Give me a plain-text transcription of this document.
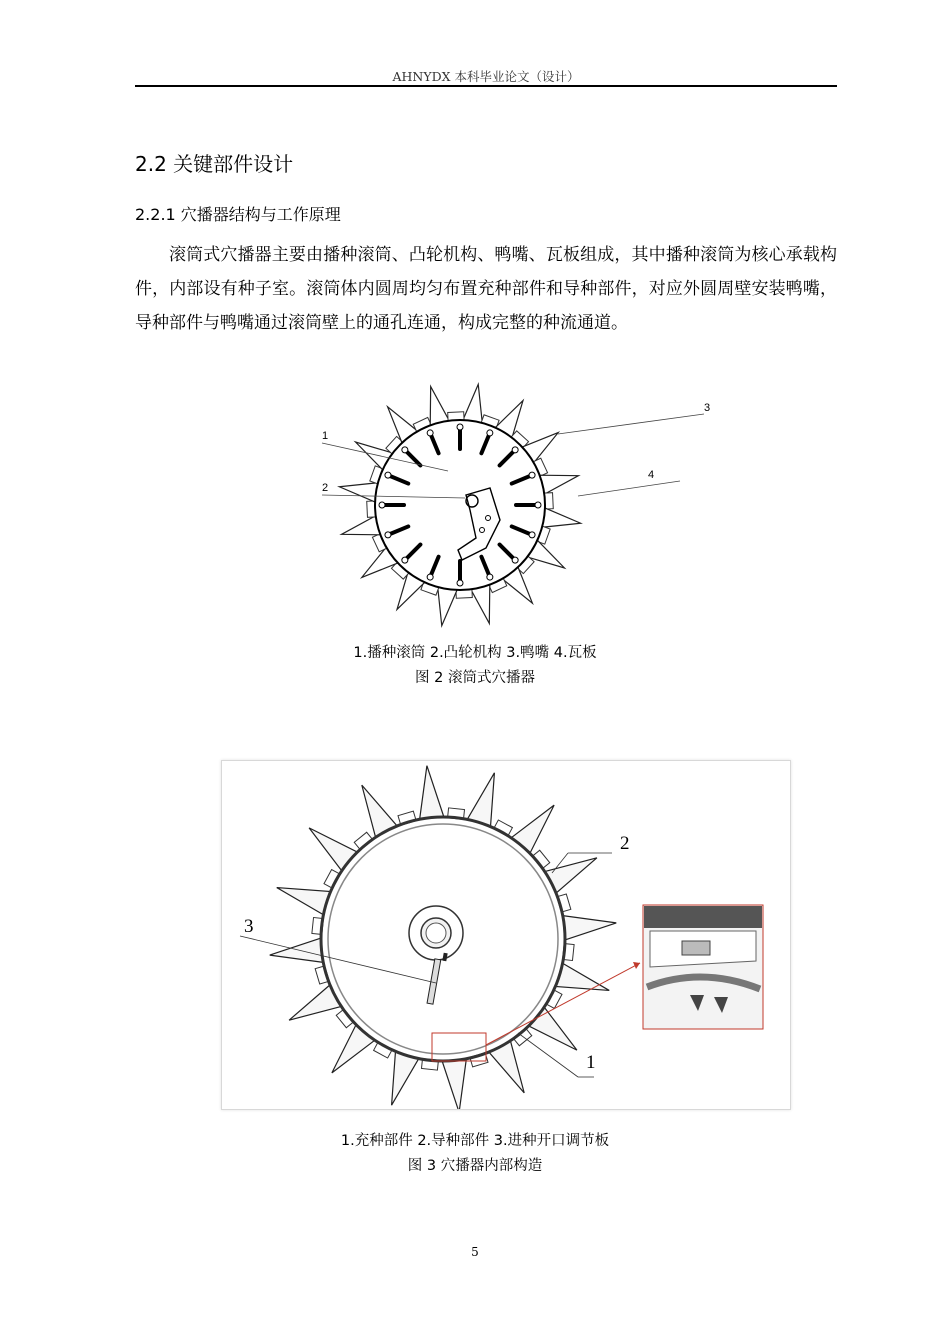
AHNYDX 本科毕业论文（设计）
2.2 关键部件设计
2.2.1 穴播器结构与工作原理
滚筒式穴播器主要由播种滚筒、凸轮机构、鸭嘴、瓦板组成，其中播种滚筒为核心承载构件，内部设有种子室。滚筒体内圆周均匀布置充种部件和导种部件，对应外圆周壁安装鸭嘴，导种部件与鸭嘴通过滚筒壁上的通孔连通，构成完整的种流通道。
1
2
3
4
1.播种滚筒 2.凸轮机构 3.鸭嘴 4.瓦板
图 2 滚筒式穴播器
2
3
1
1.充种部件 2.导种部件 3.进种开口调节板
图 3 穴播器内部构造
5
